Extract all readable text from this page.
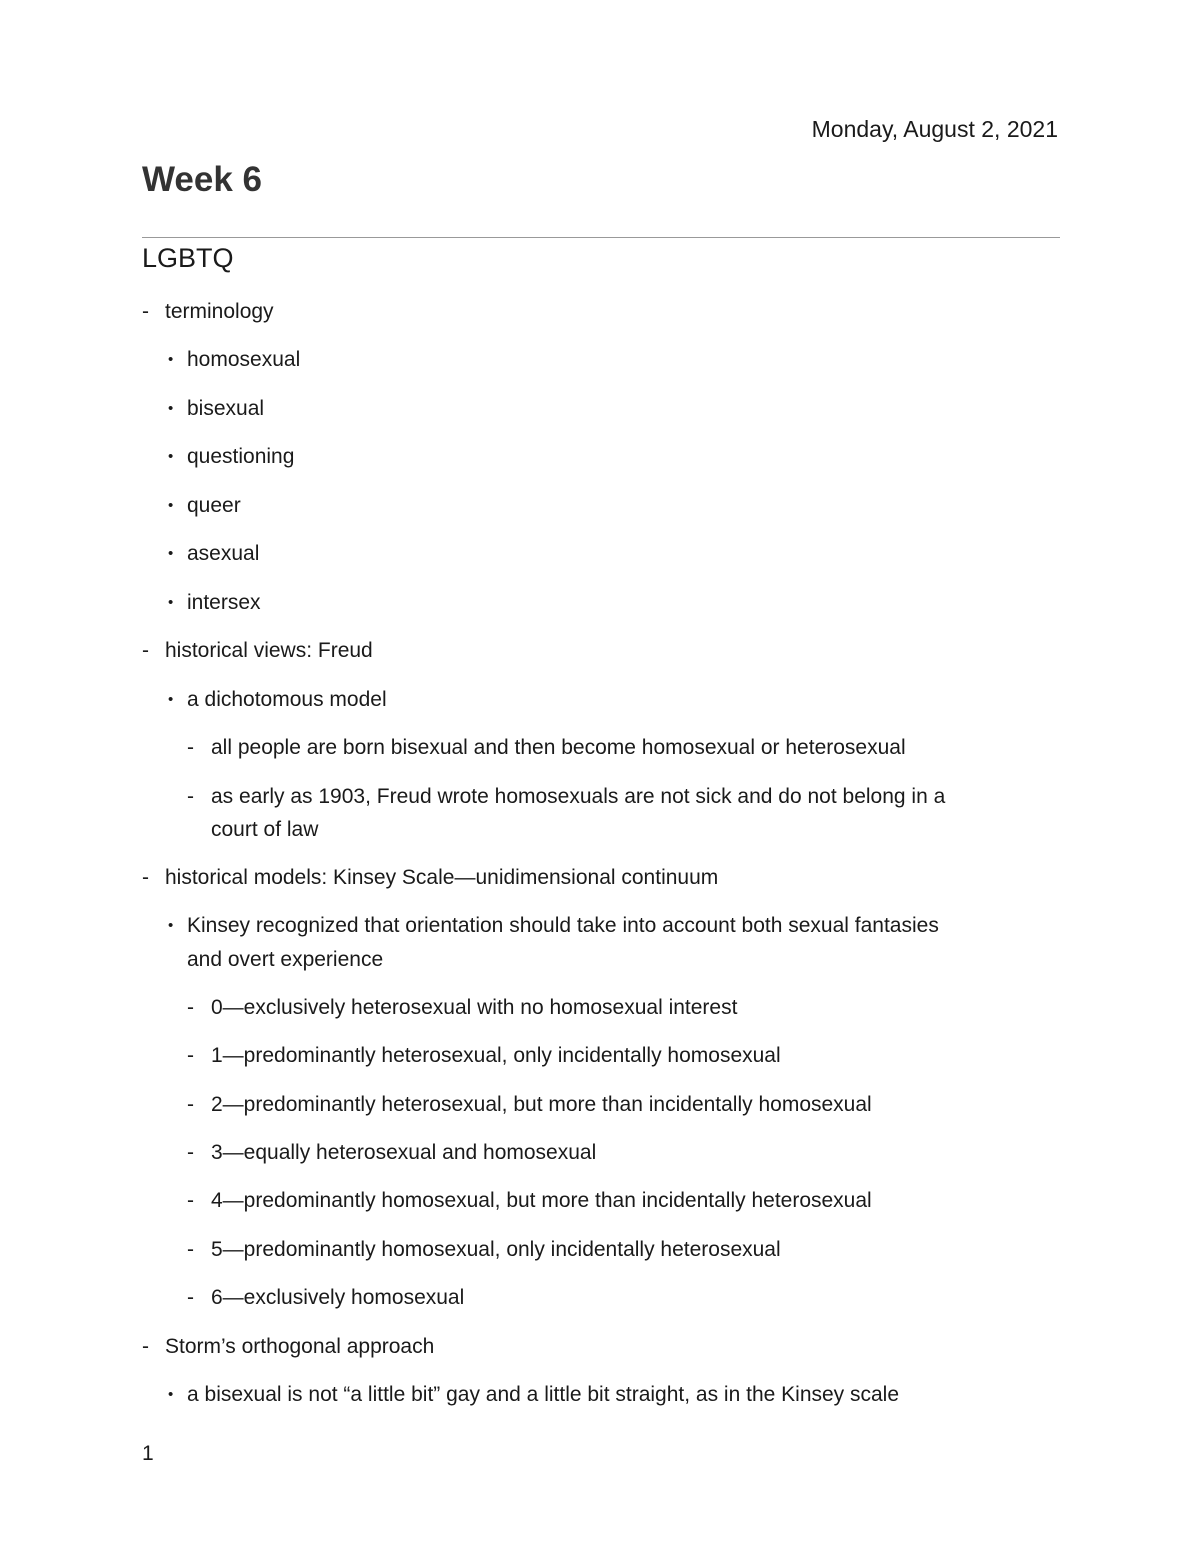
Monday, August 2, 2021
Week 6
LGBTQ
- terminology
• homosexual
• bisexual
• questioning
• queer
• asexual
• intersex
- historical views: Freud
• a dichotomous model
- all people are born bisexual and then become homosexual or heterosexual
- as early as 1903, Freud wrote homosexuals are not sick and do not belong in a
court of law
- historical models: Kinsey Scale—unidimensional continuum
• Kinsey recognized that orientation should take into account both sexual fantasies
and overt experience
- 0—exclusively heterosexual with no homosexual interest
- 1—predominantly heterosexual, only incidentally homosexual
- 2—predominantly heterosexual, but more than incidentally homosexual
- 3—equally heterosexual and homosexual
- 4—predominantly homosexual, but more than incidentally heterosexual
- 5—predominantly homosexual, only incidentally heterosexual
- 6—exclusively homosexual
- Storm’s orthogonal approach
• a bisexual is not “a little bit” gay and a little bit straight, as in the Kinsey scale
1
